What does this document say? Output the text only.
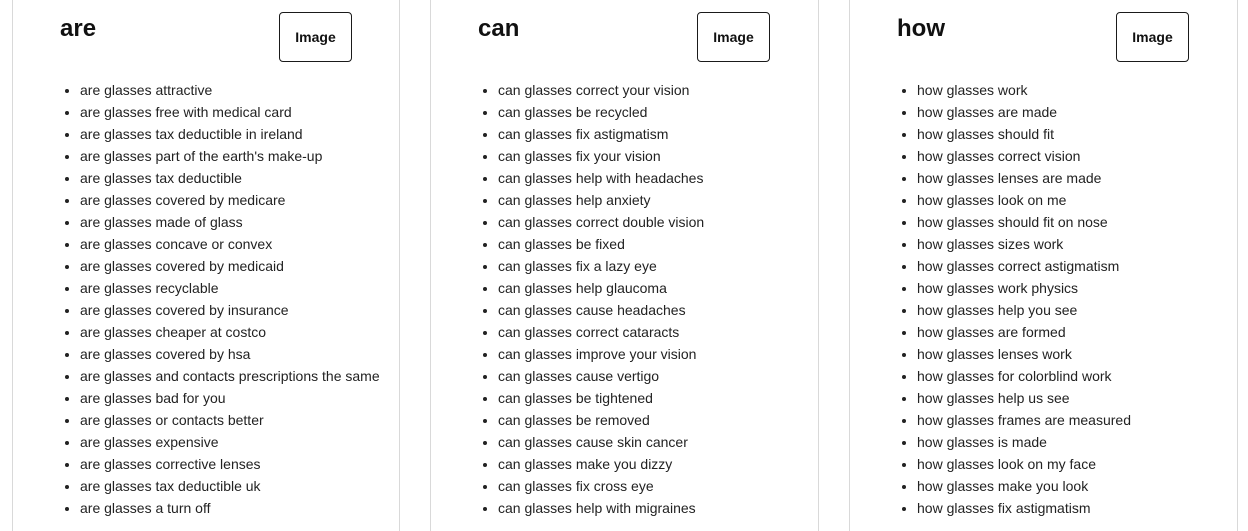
are	Image
• are glasses attractive
• are glasses free with medical card
• are glasses tax deductible in ireland
• are glasses part of the earth's make-up
• are glasses tax deductible
• are glasses covered by medicare
• are glasses made of glass
• are glasses concave or convex
• are glasses covered by medicaid
• are glasses recyclable
• are glasses covered by insurance
• are glasses cheaper at costco
• are glasses covered by hsa
• are glasses and contacts prescriptions the same
• are glasses bad for you
• are glasses or contacts better
• are glasses expensive
• are glasses corrective lenses
• are glasses tax deductible uk
• are glasses a turn off
can	Image
• can glasses correct your vision
• can glasses be recycled
• can glasses fix astigmatism
• can glasses fix your vision
• can glasses help with headaches
• can glasses help anxiety
• can glasses correct double vision
• can glasses be fixed
• can glasses fix a lazy eye
• can glasses help glaucoma
• can glasses cause headaches
• can glasses correct cataracts
• can glasses improve your vision
• can glasses cause vertigo
• can glasses be tightened
• can glasses be removed
• can glasses cause skin cancer
• can glasses make you dizzy
• can glasses fix cross eye
• can glasses help with migraines
how	Image
• how glasses work
• how glasses are made
• how glasses should fit
• how glasses correct vision
• how glasses lenses are made
• how glasses look on me
• how glasses should fit on nose
• how glasses sizes work
• how glasses correct astigmatism
• how glasses work physics
• how glasses help you see
• how glasses are formed
• how glasses lenses work
• how glasses for colorblind work
• how glasses help us see
• how glasses frames are measured
• how glasses is made
• how glasses look on my face
• how glasses make you look
• how glasses fix astigmatism
